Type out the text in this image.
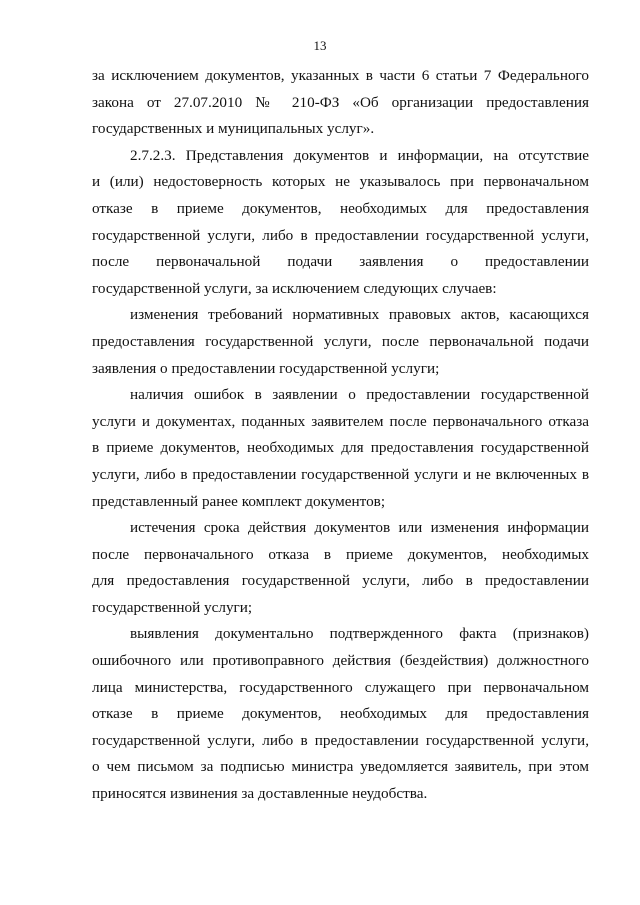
13
за исключением документов, указанных в части 6 статьи 7 Федерального
закона от 27.07.2010 № 210-ФЗ «Об организации предоставления
государственных и муниципальных услуг».
2.7.2.3. Представления документов и информации, на отсутствие
и (или) недостоверность которых не указывалось при первоначальном
отказе в приеме документов, необходимых для предоставления
государственной услуги, либо в предоставлении государственной услуги,
после первоначальной подачи заявления о предоставлении
государственной услуги, за исключением следующих случаев:
изменения требований нормативных правовых актов, касающихся
предоставления государственной услуги, после первоначальной подачи
заявления о предоставлении государственной услуги;
наличия ошибок в заявлении о предоставлении государственной
услуги и документах, поданных заявителем после первоначального отказа
в приеме документов, необходимых для предоставления государственной
услуги, либо в предоставлении государственной услуги и не включенных в
представленный ранее комплект документов;
истечения срока действия документов или изменения информации
после первоначального отказа в приеме документов, необходимых
для предоставления государственной услуги, либо в предоставлении
государственной услуги;
выявления документально подтвержденного факта (признаков)
ошибочного или противоправного действия (бездействия) должностного
лица министерства, государственного служащего при первоначальном
отказе в приеме документов, необходимых для предоставления
государственной услуги, либо в предоставлении государственной услуги,
о чем письмом за подписью министра уведомляется заявитель, при этом
приносятся извинения за доставленные неудобства.
